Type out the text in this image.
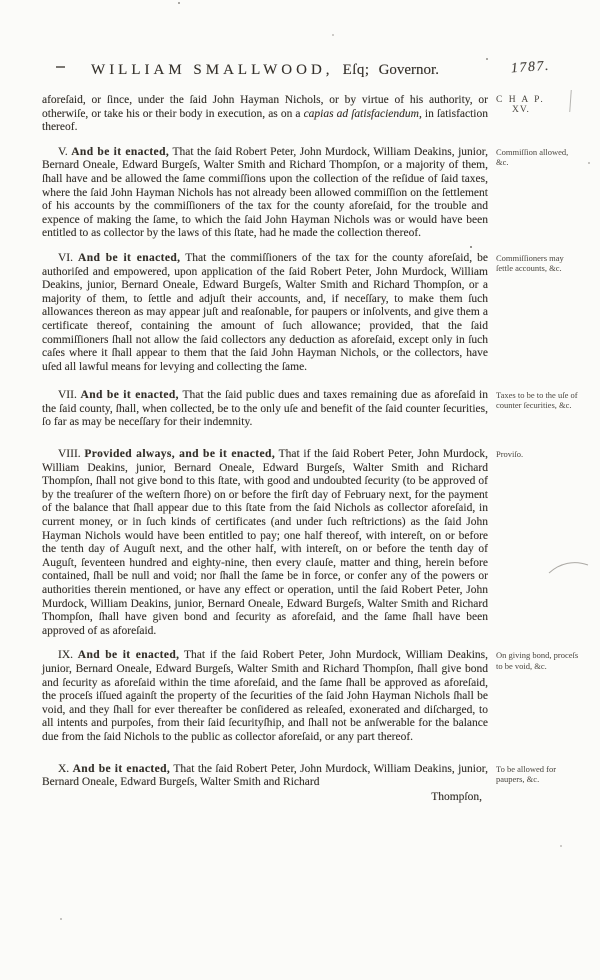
1787.
WILLIAM SMALLWOOD, Eſq; Governor.

aforeſaid, or ſince, under the ſaid John Hayman Nichols, or by virtue of his authority, or otherwiſe, or take his or their body in execution, as on a capias ad ſatisfaciendum, in ſatisfaction thereof.

C H A P.
XV.

V. And be it enacted, That the ſaid Robert Peter, John Murdock, William Deakins, junior, Bernard Oneale, Edward Burgeſs, Walter Smith and Richard Thompſon, or a majority of them, ſhall have and be allowed the ſame commiſſions upon the collection of the reſidue of ſaid taxes, where the ſaid John Hayman Nichols has not already been allowed commiſſion on the ſettlement of his accounts by the commiſſioners of the tax for the county aforeſaid, for the trouble and expence of making the ſame, to which the ſaid John Hayman Nichols was or would have been entitled to as collector by the laws of this ſtate, had he made the collection thereof.

Commiſſion allowed, &c.

VI. And be it enacted, That the commiſſioners of the tax for the county aforeſaid, be authoriſed and empowered, upon application of the ſaid Robert Peter, John Murdock, William Deakins, junior, Bernard Oneale, Edward Burgeſs, Walter Smith and Richard Thompſon, or a majority of them, to ſettle and adjuſt their accounts, and, if neceſſary, to make them ſuch allowances thereon as may appear juſt and reaſonable, for paupers or inſolvents, and give them a certificate thereof, containing the amount of ſuch allowance; provided, that the ſaid commiſſioners ſhall not allow the ſaid collectors any deduction as aforeſaid, except only in ſuch caſes where it ſhall appear to them that the ſaid John Hayman Nichols, or the collectors, have uſed all lawful means for levying and collecting the ſame.

Commiſſioners may ſettle accounts, &c.

VII. And be it enacted, That the ſaid public dues and taxes remaining due as aforeſaid in the ſaid county, ſhall, when collected, be to the only uſe and benefit of the ſaid counter ſecurities, ſo far as may be neceſſary for their indemnity.

Taxes to be to the uſe of counter ſecurities, &c.

VIII. Provided always, and be it enacted, That if the ſaid Robert Peter, John Murdock, William Deakins, junior, Bernard Oneale, Edward Burgeſs, Walter Smith and Richard Thompſon, ſhall not give bond to this ſtate, with good and undoubted ſecurity (to be approved of by the treaſurer of the weſtern ſhore) on or before the firſt day of February next, for the payment of the balance that ſhall appear due to this ſtate from the ſaid Nichols as collector aforeſaid, in current money, or in ſuch kinds of certificates (and under ſuch reſtrictions) as the ſaid John Hayman Nichols would have been entitled to pay; one half thereof, with intereſt, on or before the tenth day of Auguſt next, and the other half, with intereſt, on or before the tenth day of Auguſt, ſeventeen hundred and eighty-nine, then every clauſe, matter and thing, herein before contained, ſhall be null and void; nor ſhall the ſame be in force, or confer any of the powers or authorities therein mentioned, or have any effect or operation, until the ſaid Robert Peter, John Murdock, William Deakins, junior, Bernard Oneale, Edward Burgeſs, Walter Smith and Richard Thompſon, ſhall have given bond and ſecurity as aforeſaid, and the ſame ſhall have been approved of as aforeſaid.

Proviſo.

IX. And be it enacted, That if the ſaid Robert Peter, John Murdock, William Deakins, junior, Bernard Oneale, Edward Burgeſs, Walter Smith and Richard Thompſon, ſhall give bond and ſecurity as aforeſaid within the time aforeſaid, and the ſame ſhall be approved as aforeſaid, the proceſs iſſued againſt the property of the ſecurities of the ſaid John Hayman Nichols ſhall be void, and they ſhall for ever thereafter be conſidered as releaſed, exonerated and diſcharged, to all intents and purpoſes, from their ſaid ſecurityſhip, and ſhall not be anſwerable for the balance due from the ſaid Nichols to the public as collector aforeſaid, or any part thereof.

On giving bond, proceſs to be void, &c.

X. And be it enacted, That the ſaid Robert Peter, John Murdock, William Deakins, junior, Bernard Oneale, Edward Burgeſs, Walter Smith and Richard

To be allowed for paupers, &c.

Thompſon,
